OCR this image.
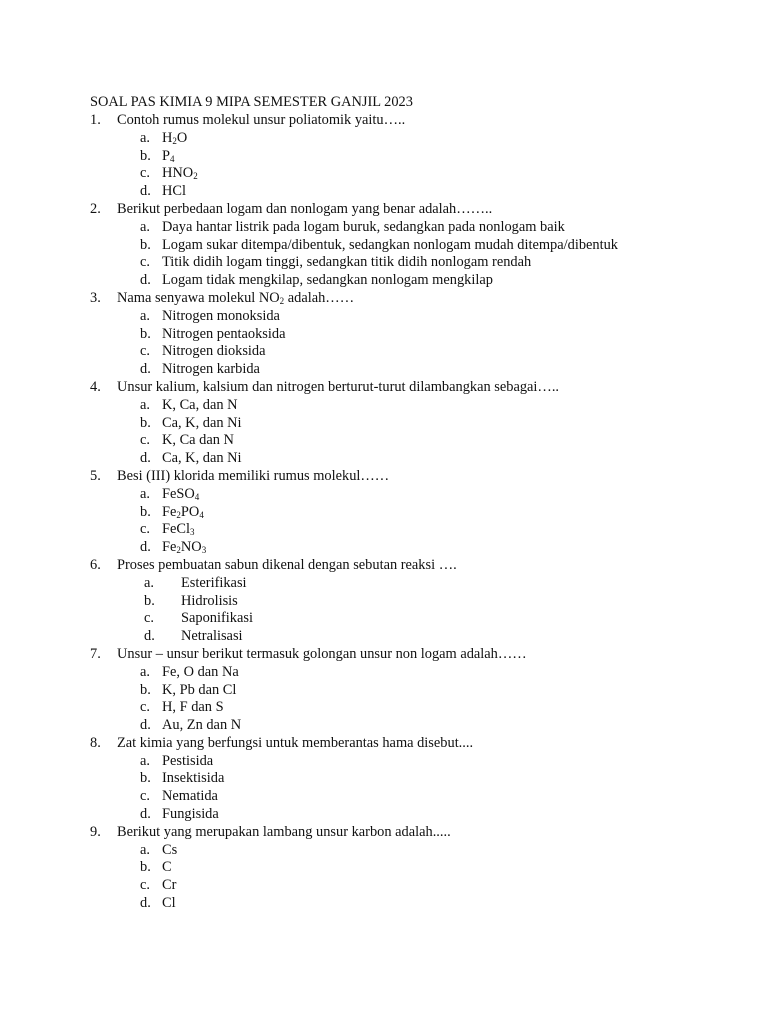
SOAL PAS KIMIA 9 MIPA SEMESTER GANJIL 2023
1.	Contoh rumus molekul unsur poliatomik yaitu…..
a. $H_2O$
b. $P_4$
c. $HNO_2$
d. HCl
2.	Berikut perbedaan logam dan nonlogam yang benar adalah……..
a. Daya hantar listrik pada logam buruk, sedangkan pada nonlogam baik
b. Logam sukar ditempa/dibentuk, sedangkan nonlogam mudah ditempa/dibentuk
c. Titik didih logam tinggi, sedangkan titik didih nonlogam rendah
d. Logam tidak mengkilap, sedangkan nonlogam mengkilap
3.	Nama senyawa molekul $NO_2$ adalah……
a. Nitrogen monoksida
b. Nitrogen pentaoksida
c. Nitrogen dioksida
d. Nitrogen karbida
4.	Unsur kalium, kalsium dan nitrogen berturut-turut dilambangkan sebagai…..
a. K, Ca, dan N
b. Ca, K, dan Ni
c. K, Ca dan N
d. Ca, K, dan Ni
5.	Besi (III) klorida memiliki rumus molekul……
a. FeSO$_4$
b. $Fe_2PO_4$
c. FeCl$_3$
d. $Fe_2NO_3$
6.	Proses pembuatan sabun dikenal dengan sebutan reaksi ….
a.	Esterifikasi
b.	Hidrolisis
c.	Saponifikasi
d.	Netralisasi
7.	Unsur – unsur berikut termasuk golongan unsur non logam adalah……
a. Fe, O dan Na
b. K, Pb dan Cl
c. H, F dan S
d. Au, Zn dan N
8.	Zat kimia yang berfungsi untuk memberantas hama disebut....
a. Pestisida
b. Insektisida
c. Nematida
d. Fungisida
9.	Berikut yang merupakan lambang unsur karbon adalah.....
a. Cs
b. C
c. Cr
d. Cl
